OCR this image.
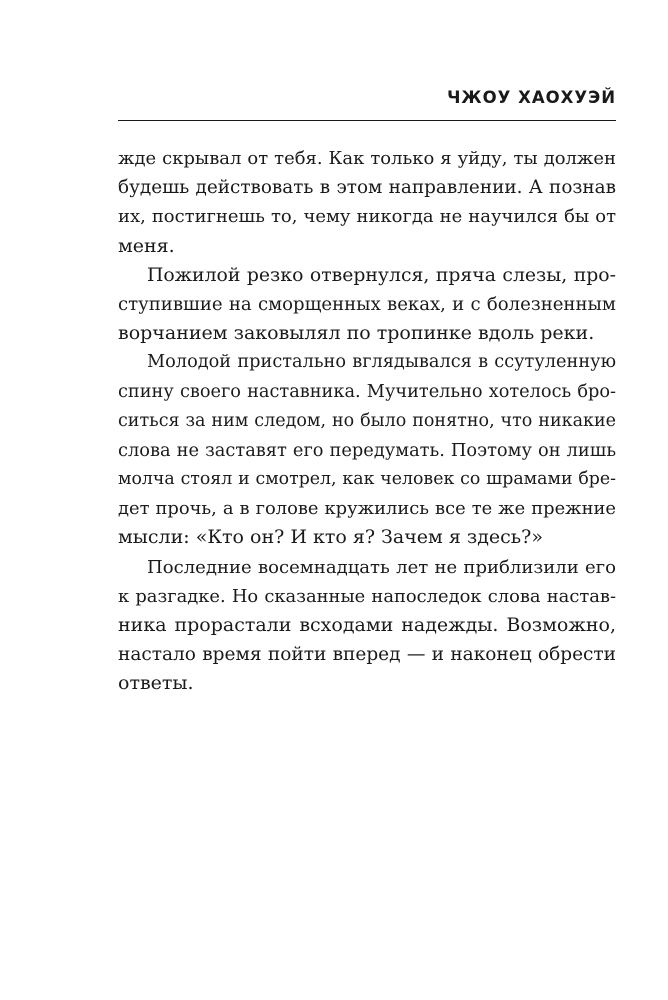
ЧЖОУ ХАОХУЭЙ
жде скрывал от тебя. Как только я уйду, ты должен
будешь действовать в этом направлении. А познав
их, постигнешь то, чему никогда не научился бы от
меня.
Пожилой резко отвернулся, пряча слезы, про-
ступившие на сморщенных веках, и с болезненным
ворчанием заковылял по тропинке вдоль реки.
Молодой пристально вглядывался в ссутуленную
спину своего наставника. Мучительно хотелось бро-
ситься за ним следом, но было понятно, что никакие
слова не заставят его передумать. Поэтому он лишь
молча стоял и смотрел, как человек со шрамами бре-
дет прочь, а в голове кружились все те же прежние
мысли: «Кто он? И кто я? Зачем я здесь?»
Последние восемнадцать лет не приблизили его
к разгадке. Но сказанные напоследок слова настав-
ника прорастали всходами надежды. Возможно,
настало время пойти вперед — и наконец обрести
ответы.
